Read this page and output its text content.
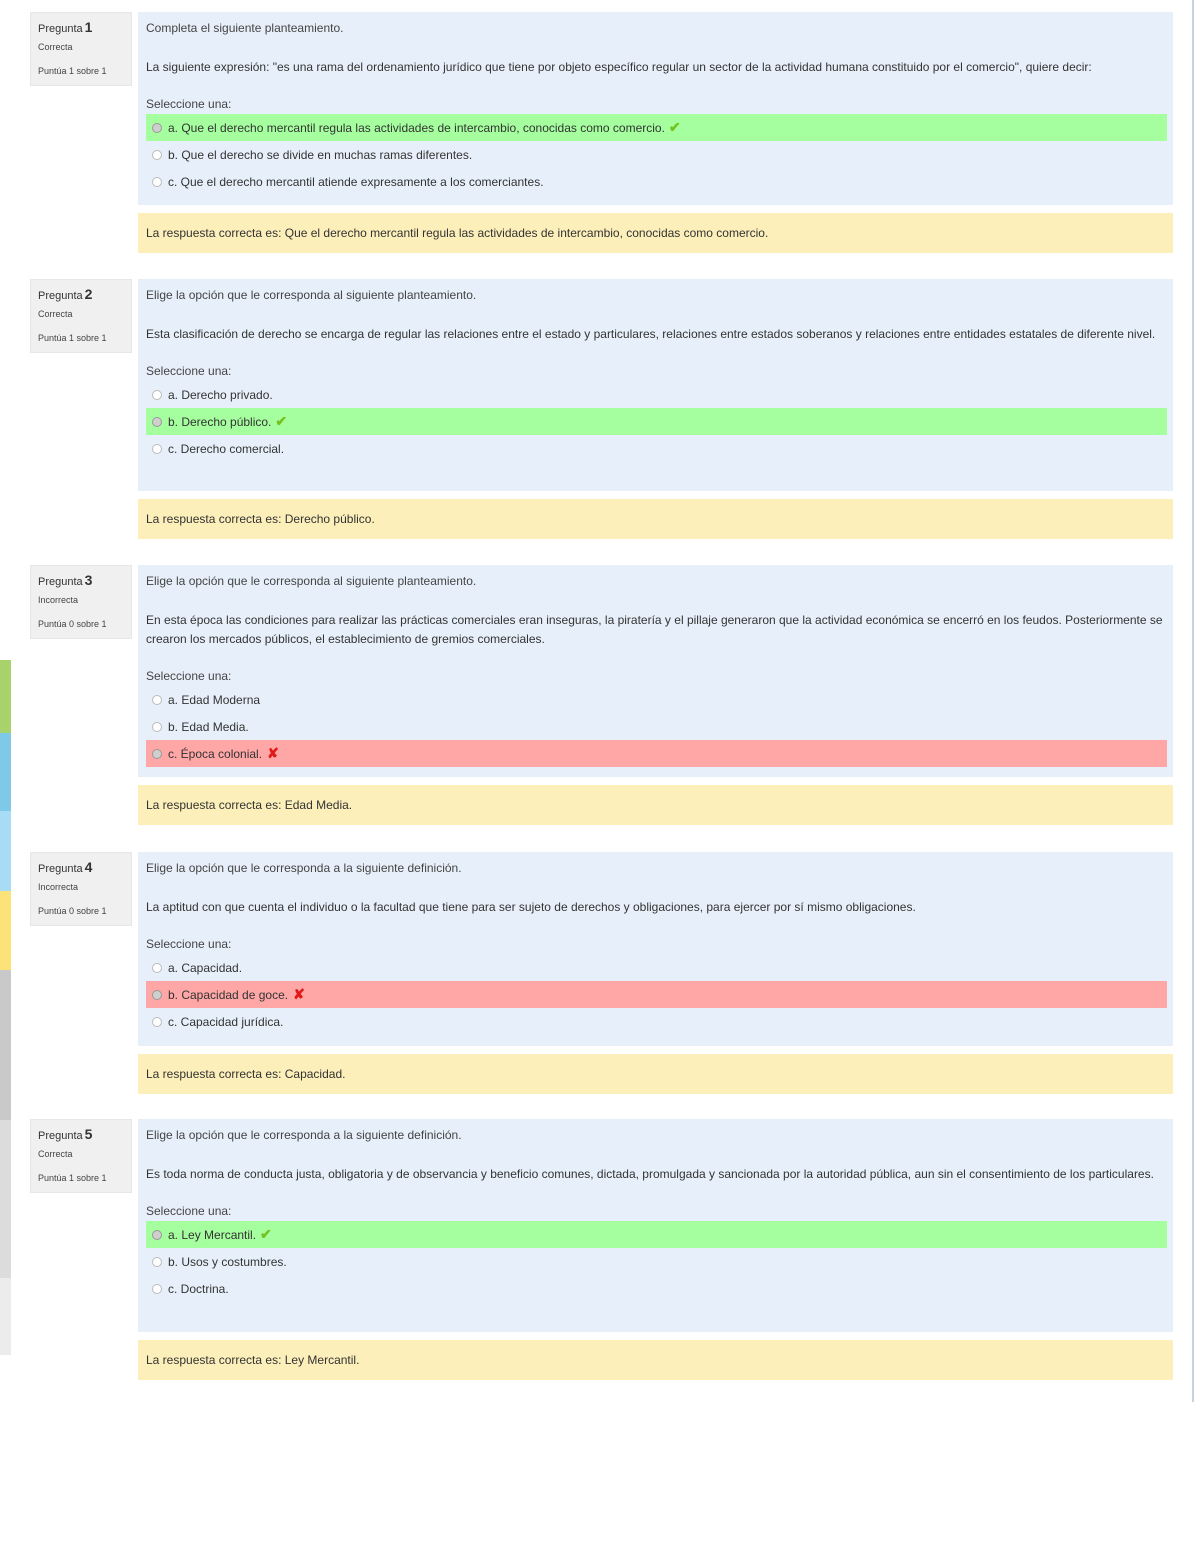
Pregunta 1
Correcta
Puntúa 1 sobre 1
Completa el siguiente planteamiento.
La siguiente expresión: "es una rama del ordenamiento jurídico que tiene por objeto específico regular un sector de la actividad humana constituido por el comercio", quiere decir:
Seleccione una:
a. Que el derecho mercantil regula las actividades de intercambio, conocidas como comercio. ✔
b. Que el derecho se divide en muchas ramas diferentes.
c. Que el derecho mercantil atiende expresamente a los comerciantes.
La respuesta correcta es: Que el derecho mercantil regula las actividades de intercambio, conocidas como comercio.
Pregunta 2
Correcta
Puntúa 1 sobre 1
Elige la opción que le corresponda al siguiente planteamiento.
Esta clasificación de derecho se encarga de regular las relaciones entre el estado y particulares, relaciones entre estados soberanos y relaciones entre entidades estatales de diferente nivel.
Seleccione una:
a. Derecho privado.
b. Derecho público. ✔
c. Derecho comercial.
La respuesta correcta es: Derecho público.
Pregunta 3
Incorrecta
Puntúa 0 sobre 1
Elige la opción que le corresponda al siguiente planteamiento.
En esta época las condiciones para realizar las prácticas comerciales eran inseguras, la piratería y el pillaje generaron que la actividad económica se encerró en los feudos. Posteriormente se crearon los mercados públicos, el establecimiento de gremios comerciales.
Seleccione una:
a. Edad Moderna
b. Edad Media.
c. Época colonial. ✘
La respuesta correcta es: Edad Media.
Pregunta 4
Incorrecta
Puntúa 0 sobre 1
Elige la opción que le corresponda a la siguiente definición.
La aptitud con que cuenta el individuo o la facultad que tiene para ser sujeto de derechos y obligaciones, para ejercer por sí mismo obligaciones.
Seleccione una:
a. Capacidad.
b. Capacidad de goce. ✘
c. Capacidad jurídica.
La respuesta correcta es: Capacidad.
Pregunta 5
Correcta
Puntúa 1 sobre 1
Elige la opción que le corresponda a la siguiente definición.
Es toda norma de conducta justa, obligatoria y de observancia y beneficio comunes, dictada, promulgada y sancionada por la autoridad pública, aun sin el consentimiento de los particulares.
Seleccione una:
a. Ley Mercantil. ✔
b. Usos y costumbres.
c. Doctrina.
La respuesta correcta es: Ley Mercantil.
